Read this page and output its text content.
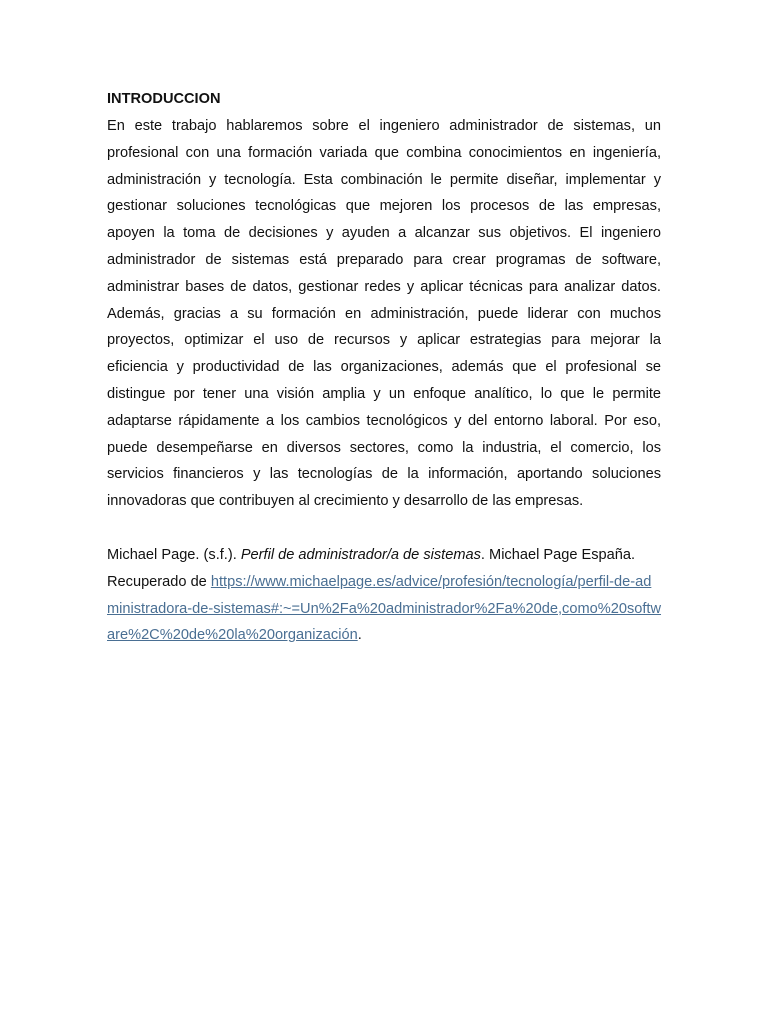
INTRODUCCION

En este trabajo hablaremos sobre el ingeniero administrador de sistemas, un profesional con una formación variada que combina conocimientos en ingeniería, administración y tecnología. Esta combinación le permite diseñar, implementar y gestionar soluciones tecnológicas que mejoren los procesos de las empresas, apoyen la toma de decisiones y ayuden a alcanzar sus objetivos. El ingeniero administrador de sistemas está preparado para crear programas de software, administrar bases de datos, gestionar redes y aplicar técnicas para analizar datos. Además, gracias a su formación en administración, puede liderar con muchos proyectos, optimizar el uso de recursos y aplicar estrategias para mejorar la eficiencia y productividad de las organizaciones, además que el profesional se distingue por tener una visión amplia y un enfoque analítico, lo que le permite adaptarse rápidamente a los cambios tecnológicos y del entorno laboral. Por eso, puede desempeñarse en diversos sectores, como la industria, el comercio, los servicios financieros y las tecnologías de la información, aportando soluciones innovadoras que contribuyen al crecimiento y desarrollo de las empresas.

Michael Page. (s.f.). Perfil de administrador/a de sistemas. Michael Page España.
Recuperado de https://www.michaelpage.es/advice/profesión/tecnología/perfil-de-administradora-de-sistemas#:~=Un%2Fa%20administrador%2Fa%20de,como%20software%2C%20de%20la%20organización.
